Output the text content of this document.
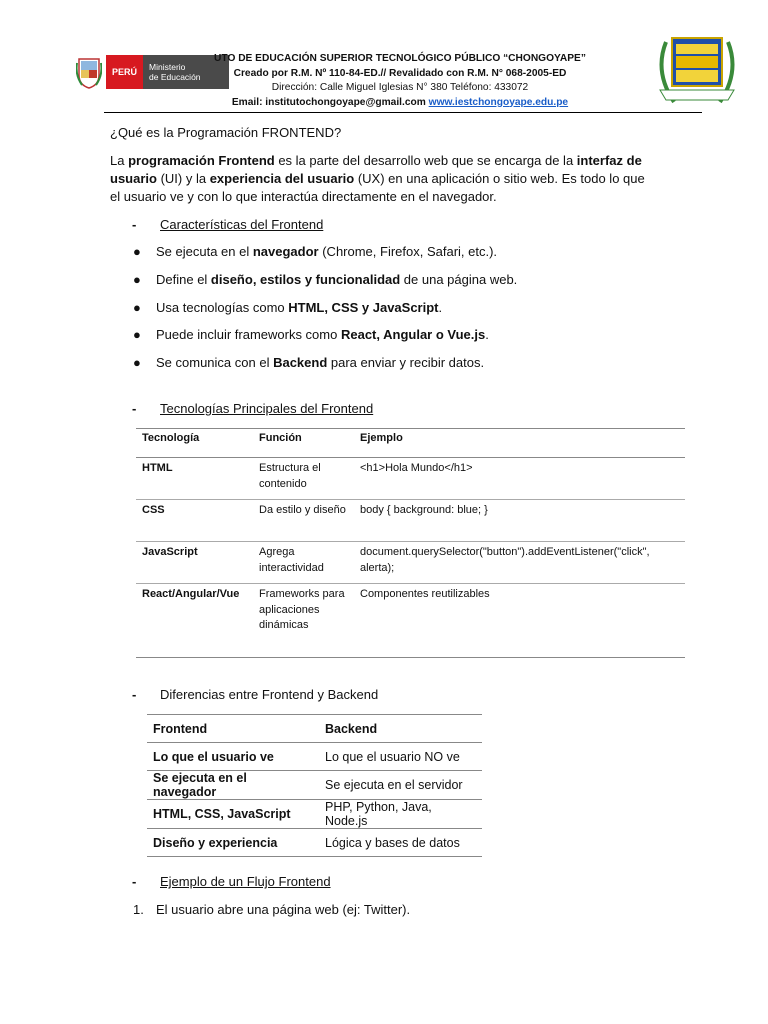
PERÚ	Ministerio
de Educación
UTO DE EDUCACIÓN SUPERIOR TECNOLÓGICO PÚBLICO “CHONGOYAPE”
Creado por R.M. Nº 110-84-ED.// Revalidado con R.M. N° 068-2005-ED
Dirección: Calle Miguel Iglesias N° 380 Teléfono: 433072
Email: institutochongoyape@gmail.com www.iestchongoyape.edu.pe
¿Qué es la Programación FRONTEND?
La programación Frontend es la parte del desarrollo web que se encarga de la interfaz de usuario (UI) y la experiencia del usuario (UX) en una aplicación o sitio web. Es todo lo que el usuario ve y con lo que interactúa directamente en el navegador.
-	Características del Frontend
●	Se ejecuta en el navegador (Chrome, Firefox, Safari, etc.).
●	Define el diseño, estilos y funcionalidad de una página web.
●	Usa tecnologías como HTML, CSS y JavaScript.
●	Puede incluir frameworks como React, Angular o Vue.js.
●	Se comunica con el Backend para enviar y recibir datos.
-	Tecnologías Principales del Frontend
Tecnología	Función	Ejemplo
HTML	Estructura el contenido	<h1>Hola Mundo</h1>
CSS	Da estilo y diseño	body { background: blue; }
JavaScript	Agrega interactividad	document.querySelector("button").addEventListener("click", alerta);
React/Angular/Vue	Frameworks para aplicaciones dinámicas	Componentes reutilizables
-	Diferencias entre Frontend y Backend
Frontend	Backend
Lo que el usuario ve	Lo que el usuario NO ve
Se ejecuta en el navegador	Se ejecuta en el servidor
HTML, CSS, JavaScript	PHP, Python, Java, Node.js
Diseño y experiencia	Lógica y bases de datos
-	Ejemplo de un Flujo Frontend
1. El usuario abre una página web (ej: Twitter).
